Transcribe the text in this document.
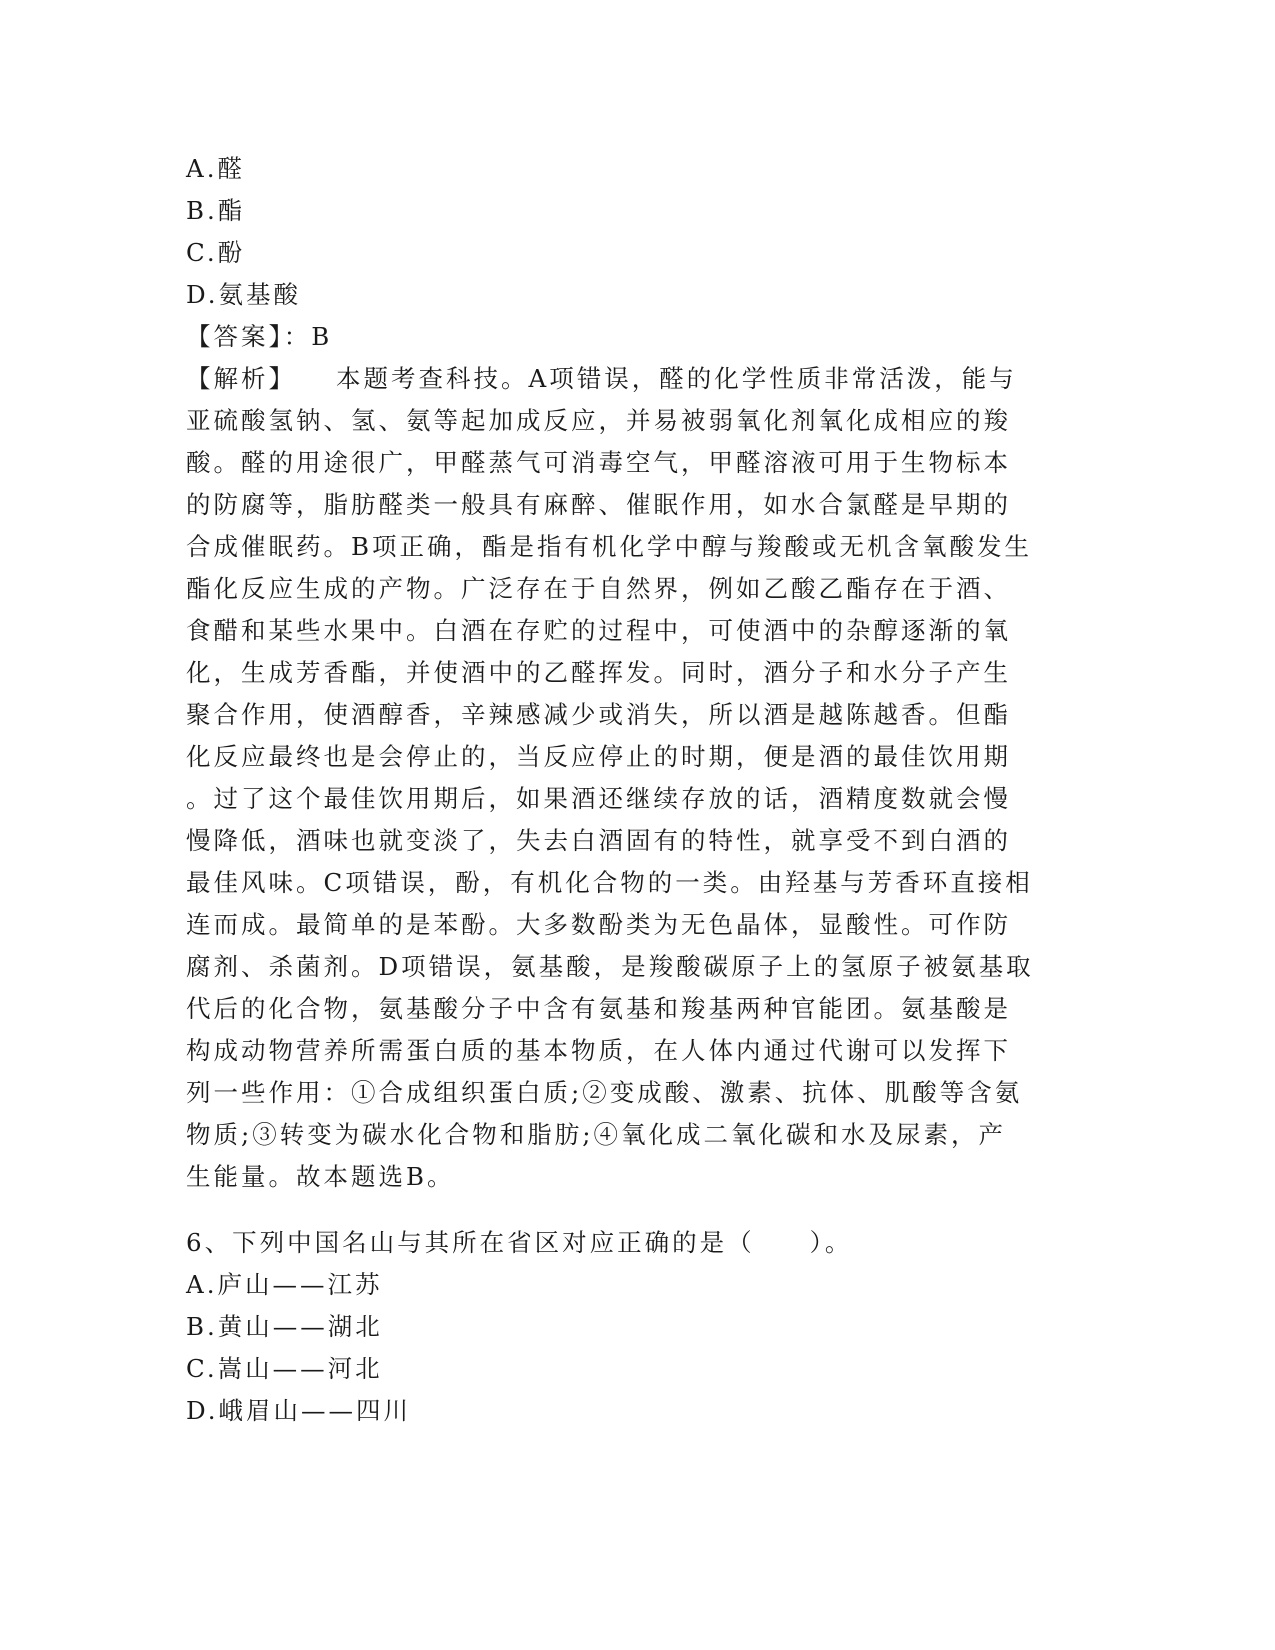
A.醛
B.酯
C.酚
D.氨基酸
【答案】：B
【解析】 本题考查科技。A项错误，醛的化学性质非常活泼，能与
亚硫酸氢钠、氢、氨等起加成反应，并易被弱氧化剂氧化成相应的羧
酸。醛的用途很广，甲醛蒸气可消毒空气，甲醛溶液可用于生物标本
的防腐等，脂肪醛类一般具有麻醉、催眠作用，如水合氯醛是早期的
合成催眠药。B项正确，酯是指有机化学中醇与羧酸或无机含氧酸发生
酯化反应生成的产物。广泛存在于自然界，例如乙酸乙酯存在于酒、
食醋和某些水果中。白酒在存贮的过程中，可使酒中的杂醇逐渐的氧
化，生成芳香酯，并使酒中的乙醛挥发。同时，酒分子和水分子产生
聚合作用，使酒醇香，辛辣感减少或消失，所以酒是越陈越香。但酯
化反应最终也是会停止的，当反应停止的时期，便是酒的最佳饮用期
。过了这个最佳饮用期后，如果酒还继续存放的话，酒精度数就会慢
慢降低，酒味也就变淡了，失去白酒固有的特性，就享受不到白酒的
最佳风味。C项错误，酚，有机化合物的一类。由羟基与芳香环直接相
连而成。最简单的是苯酚。大多数酚类为无色晶体，显酸性。可作防
腐剂、杀菌剂。D项错误，氨基酸，是羧酸碳原子上的氢原子被氨基取
代后的化合物，氨基酸分子中含有氨基和羧基两种官能团。氨基酸是
构成动物营养所需蛋白质的基本物质，在人体内通过代谢可以发挥下
列一些作用：①合成组织蛋白质;②变成酸、激素、抗体、肌酸等含氨
物质;③转变为碳水化合物和脂肪;④氧化成二氧化碳和水及尿素，产
生能量。故本题选B。
6、下列中国名山与其所在省区对应正确的是（　　）。
A.庐山——江苏
B.黄山——湖北
C.嵩山——河北
D.峨眉山——四川
